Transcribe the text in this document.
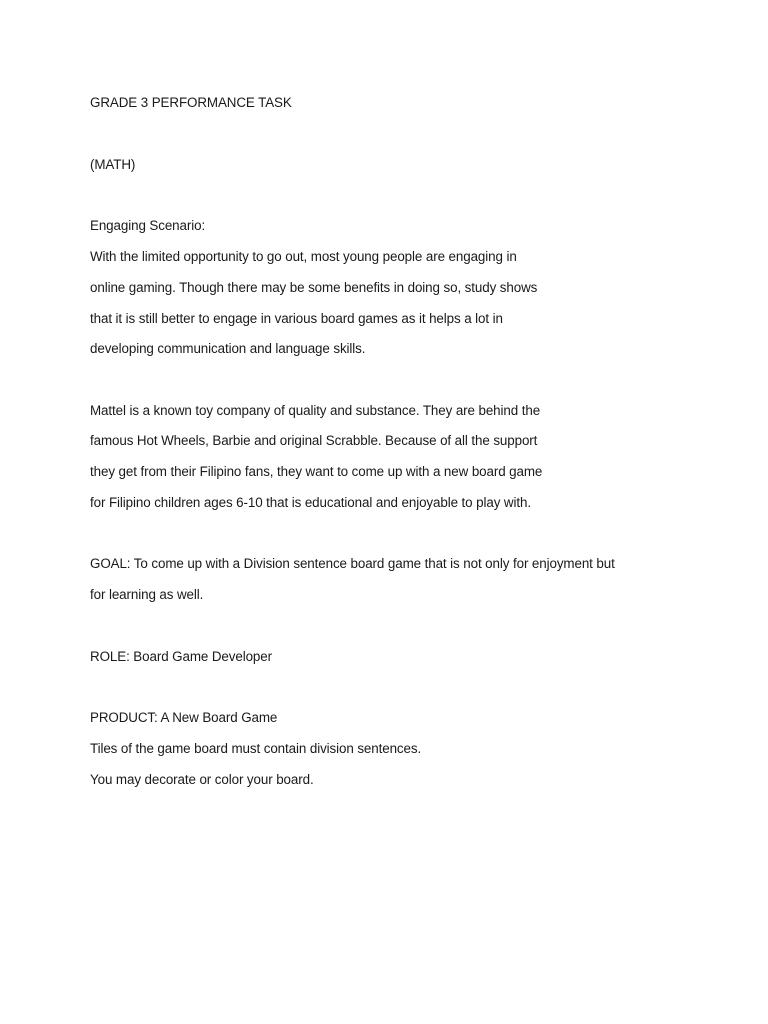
GRADE 3 PERFORMANCE TASK

(MATH)

Engaging Scenario:

With the limited opportunity to go out, most young people are engaging in

online gaming. Though there may be some benefits in doing so, study shows

that it is still better to engage in various board games as it helps a lot in

developing communication and language skills.

Mattel is a known toy company of quality and substance. They are behind the

famous Hot Wheels, Barbie and original Scrabble. Because of all the support

they get from their Filipino fans, they want to come up with a new board game

for Filipino children ages 6-10 that is educational and enjoyable to play with.

GOAL: To come up with a Division sentence board game that is not only for enjoyment but

for learning as well.

ROLE: Board Game Developer

PRODUCT: A New Board Game

Tiles of the game board must contain division sentences.

You may decorate or color your board.
